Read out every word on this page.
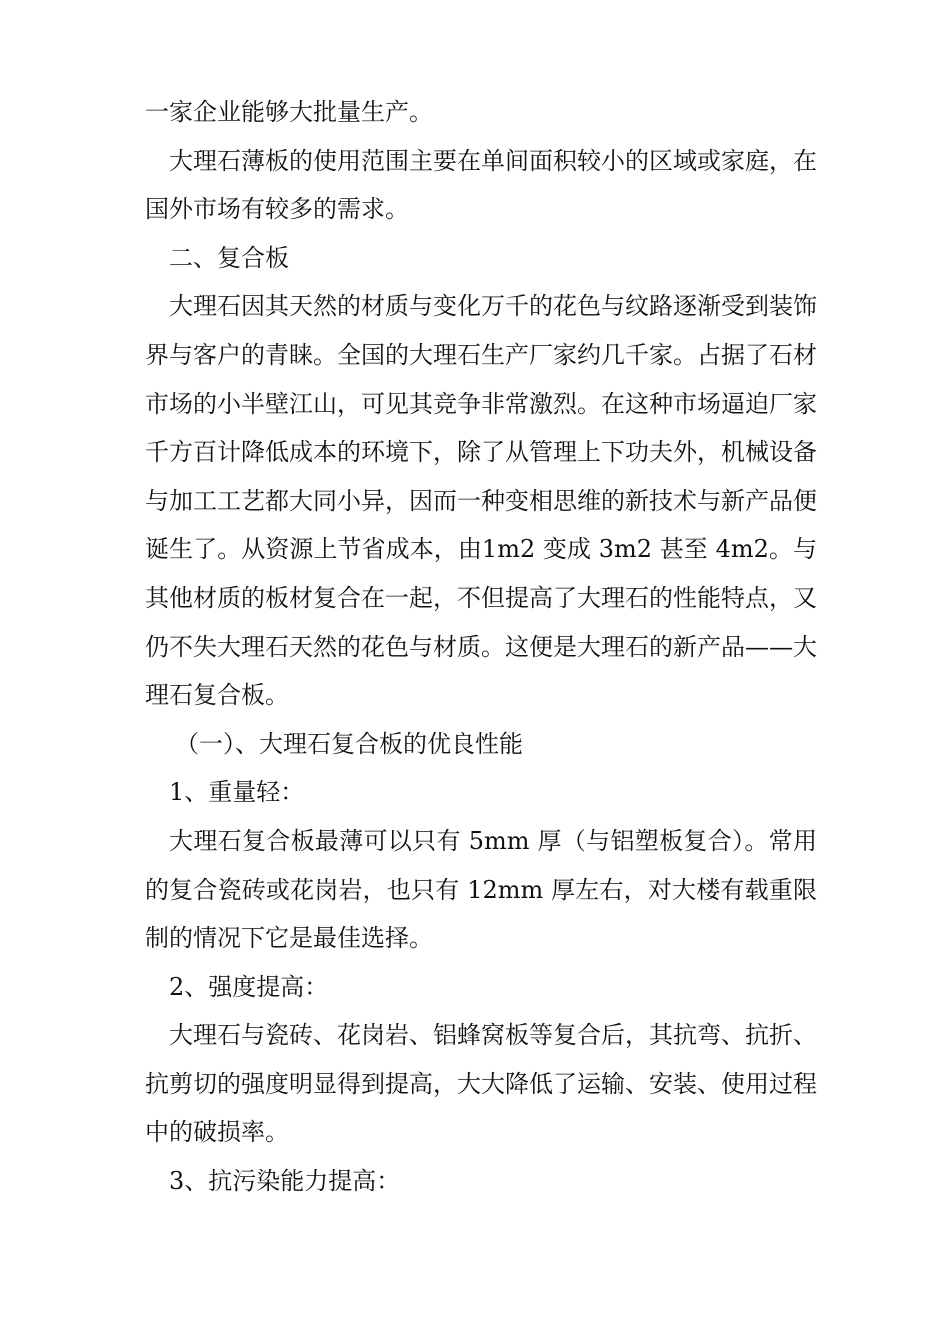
一家企业能够大批量生产。

大理石薄板的使用范围主要在单间面积较小的区域或家庭，在国外市场有较多的需求。

二、复合板

大理石因其天然的材质与变化万千的花色与纹路逐渐受到装饰界与客户的青睐。全国的大理石生产厂家约几千家。占据了石材市场的小半壁江山，可见其竞争非常激烈。在这种市场逼迫厂家千方百计降低成本的环境下，除了从管理上下功夫外，机械设备与加工工艺都大同小异，因而一种变相思维的新技术与新产品便诞生了。从资源上节省成本，由1m2 变成 3m2 甚至 4m2。与其他材质的板材复合在一起，不但提高了大理石的性能特点，又仍不失大理石天然的花色与材质。这便是大理石的新产品——大理石复合板。

（一）、大理石复合板的优良性能

1、重量轻：

大理石复合板最薄可以只有 5mm 厚（与铝塑板复合）。常用的复合瓷砖或花岗岩，也只有 12mm 厚左右，对大楼有载重限制的情况下它是最佳选择。

2、强度提高：

大理石与瓷砖、花岗岩、铝蜂窝板等复合后，其抗弯、抗折、抗剪切的强度明显得到提高，大大降低了运输、安装、使用过程中的破损率。

3、抗污染能力提高：
